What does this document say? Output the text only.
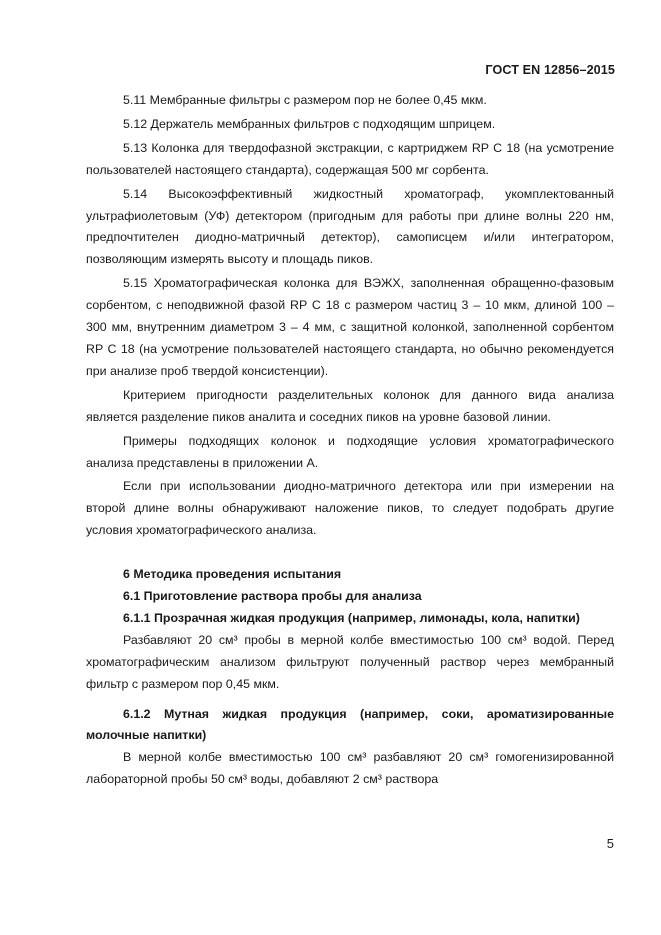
ГОСТ EN 12856–2015

5.11 Мембранные фильтры с размером пор не более 0,45 мкм.

5.12 Держатель мембранных фильтров с подходящим шприцем.

5.13 Колонка для твердофазной экстракции, с картриджем RP C 18 (на усмотрение пользователей настоящего стандарта), содержащая 500 мг сорбента.

5.14 Высокоэффективный жидкостный хроматограф, укомплектованный ультрафиолетовым (УФ) детектором (пригодным для работы при длине волны 220 нм, предпочтителен диодно-матричный детектор), самописцем и/или интегратором, позволяющим измерять высоту и площадь пиков.

5.15 Хроматографическая колонка для ВЭЖХ, заполненная обращенно-фазовым сорбентом, с неподвижной фазой RP C 18 с размером частиц 3 – 10 мкм, длиной 100 – 300 мм, внутренним диаметром 3 – 4 мм, с защитной колонкой, заполненной сорбентом RP C 18 (на усмотрение пользователей настоящего стандарта, но обычно рекомендуется при анализе проб твердой консистенции).

Критерием пригодности разделительных колонок для данного вида анализа является разделение пиков аналита и соседних пиков на уровне базовой линии.

Примеры подходящих колонок и подходящие условия хроматографического анализа представлены в приложении А.

Если при использовании диодно-матричного детектора или при измерении на второй длине волны обнаруживают наложение пиков, то следует подобрать другие условия хроматографического анализа.

6 Методика проведения испытания

6.1 Приготовление раствора пробы для анализа

6.1.1 Прозрачная жидкая продукция (например, лимонады, кола, напитки)

Разбавляют 20 см³ пробы в мерной колбе вместимостью 100 см³ водой. Перед хроматографическим анализом фильтруют полученный раствор через мембранный фильтр с размером пор 0,45 мкм.

6.1.2 Мутная жидкая продукция (например, соки, ароматизированные молочные напитки)

В мерной колбе вместимостью 100 см³ разбавляют 20 см³ гомогенизированной лабораторной пробы 50 см³ воды, добавляют 2 см³ раствора

5
